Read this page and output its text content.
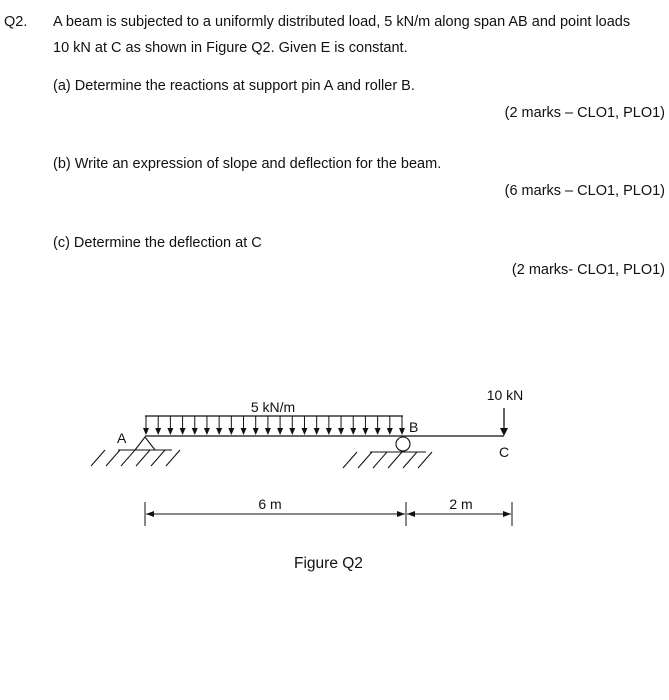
Q2. A beam is subjected to a uniformly distributed load, 5 kN/m along span AB and point loads
10 kN at C as shown in Figure Q2. Given E is constant.
(a) Determine the reactions at support pin A and roller B.
(2 marks – CLO1, PLO1)
(b) Write an expression of slope and deflection for the beam.
(6 marks – CLO1, PLO1)
(c) Determine the deflection at C
(2 marks- CLO1, PLO1)
5 kN/m
A
B
10 kN
C
6 m	2 m
Figure Q2
